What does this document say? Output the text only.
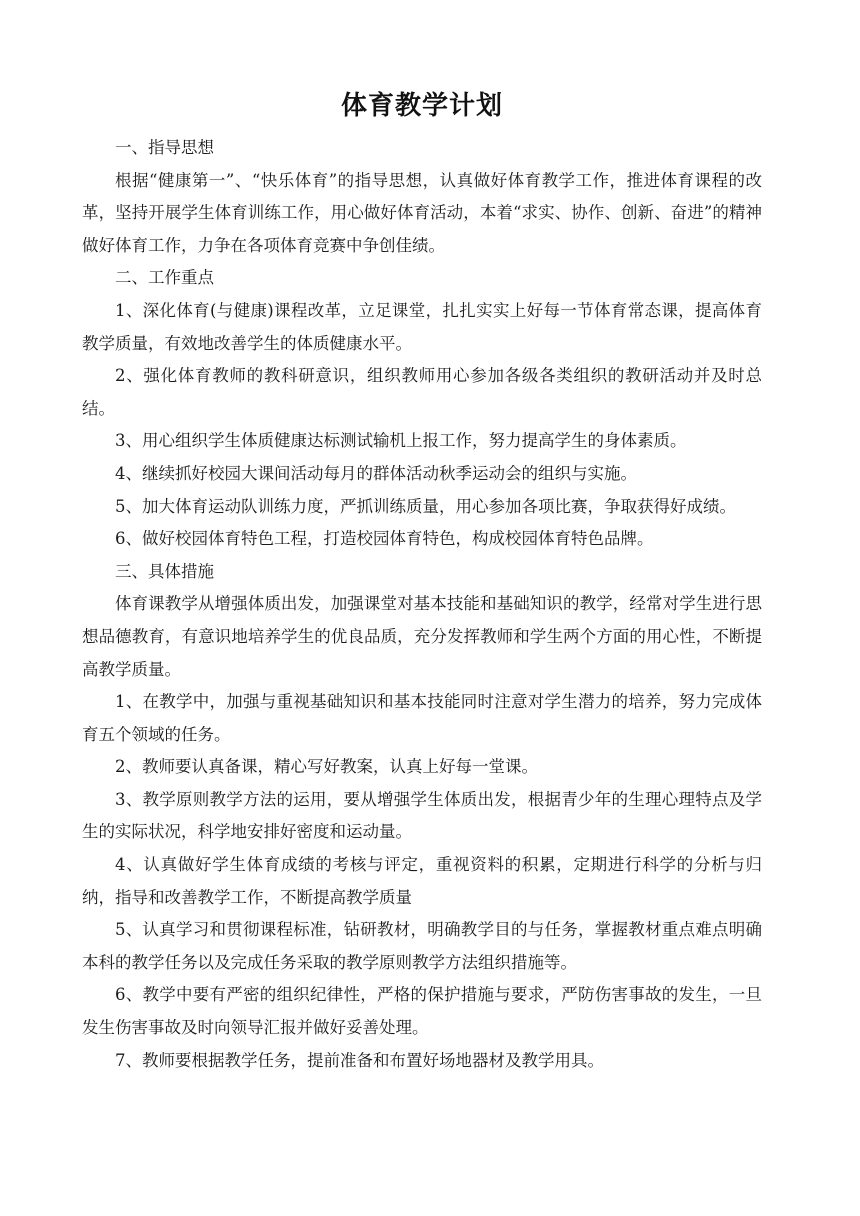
体育教学计划

一、指导思想

根据“健康第一”、“快乐体育”的指导思想，认真做好体育教学工作，推进体育课程的改革，坚持开展学生体育训练工作，用心做好体育活动，本着“求实、协作、创新、奋进”的精神做好体育工作，力争在各项体育竞赛中争创佳绩。

二、工作重点

1、深化体育(与健康)课程改革，立足课堂，扎扎实实上好每一节体育常态课，提高体育教学质量，有效地改善学生的体质健康水平。

2、强化体育教师的教科研意识，组织教师用心参加各级各类组织的教研活动并及时总结。

3、用心组织学生体质健康达标测试输机上报工作，努力提高学生的身体素质。

4、继续抓好校园大课间活动每月的群体活动秋季运动会的组织与实施。

5、加大体育运动队训练力度，严抓训练质量，用心参加各项比赛，争取获得好成绩。

6、做好校园体育特色工程，打造校园体育特色，构成校园体育特色品牌。

三、具体措施

体育课教学从增强体质出发，加强课堂对基本技能和基础知识的教学，经常对学生进行思想品德教育，有意识地培养学生的优良品质，充分发挥教师和学生两个方面的用心性，不断提高教学质量。

1、在教学中，加强与重视基础知识和基本技能同时注意对学生潜力的培养，努力完成体育五个领域的任务。

2、教师要认真备课，精心写好教案，认真上好每一堂课。

3、教学原则教学方法的运用，要从增强学生体质出发，根据青少年的生理心理特点及学生的实际状况，科学地安排好密度和运动量。

4、认真做好学生体育成绩的考核与评定，重视资料的积累，定期进行科学的分析与归纳，指导和改善教学工作，不断提高教学质量

5、认真学习和贯彻课程标准，钻研教材，明确教学目的与任务，掌握教材重点难点明确本科的教学任务以及完成任务采取的教学原则教学方法组织措施等。

6、教学中要有严密的组织纪律性，严格的保护措施与要求，严防伤害事故的发生，一旦发生伤害事故及时向领导汇报并做好妥善处理。

7、教师要根据教学任务，提前准备和布置好场地器材及教学用具。
